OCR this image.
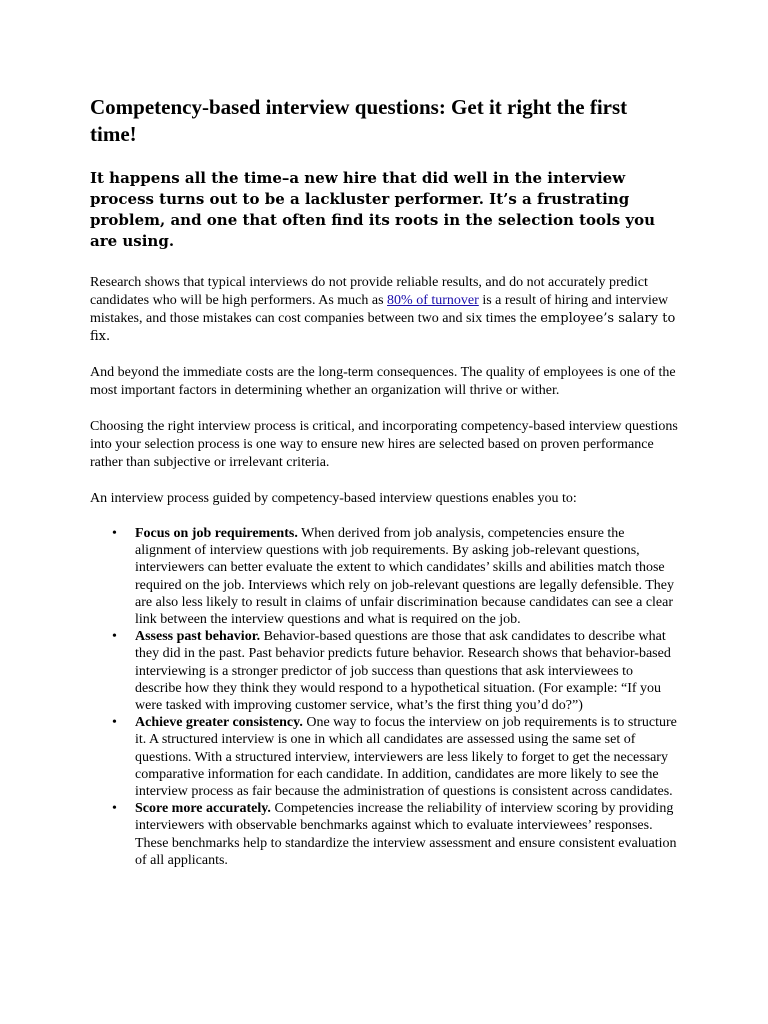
Competency-based interview questions: Get it right the first time!

It happens all the time–a new hire that did well in the interview process turns out to be a lackluster performer. It’s a frustrating problem, and one that often find its roots in the selection tools you are using.

Research shows that typical interviews do not provide reliable results, and do not accurately predict candidates who will be high performers. As much as 80% of turnover is a result of hiring and interview mistakes, and those mistakes can cost companies between two and six times the employee’s salary to fix.

And beyond the immediate costs are the long-term consequences. The quality of employees is one of the most important factors in determining whether an organization will thrive or wither.

Choosing the right interview process is critical, and incorporating competency-based interview questions into your selection process is one way to ensure new hires are selected based on proven performance rather than subjective or irrelevant criteria.

An interview process guided by competency-based interview questions enables you to:

• Focus on job requirements. When derived from job analysis, competencies ensure the alignment of interview questions with job requirements. By asking job-relevant questions, interviewers can better evaluate the extent to which candidates’ skills and abilities match those required on the job. Interviews which rely on job-relevant questions are legally defensible. They are also less likely to result in claims of unfair discrimination because candidates can see a clear link between the interview questions and what is required on the job.
• Assess past behavior. Behavior-based questions are those that ask candidates to describe what they did in the past. Past behavior predicts future behavior. Research shows that behavior-based interviewing is a stronger predictor of job success than questions that ask interviewees to describe how they think they would respond to a hypothetical situation. (For example: “If you were tasked with improving customer service, what’s the first thing you’d do?”)
• Achieve greater consistency. One way to focus the interview on job requirements is to structure it. A structured interview is one in which all candidates are assessed using the same set of questions. With a structured interview, interviewers are less likely to forget to get the necessary comparative information for each candidate. In addition, candidates are more likely to see the interview process as fair because the administration of questions is consistent across candidates.
• Score more accurately. Competencies increase the reliability of interview scoring by providing interviewers with observable benchmarks against which to evaluate interviewees’ responses. These benchmarks help to standardize the interview assessment and ensure consistent evaluation of all applicants.
